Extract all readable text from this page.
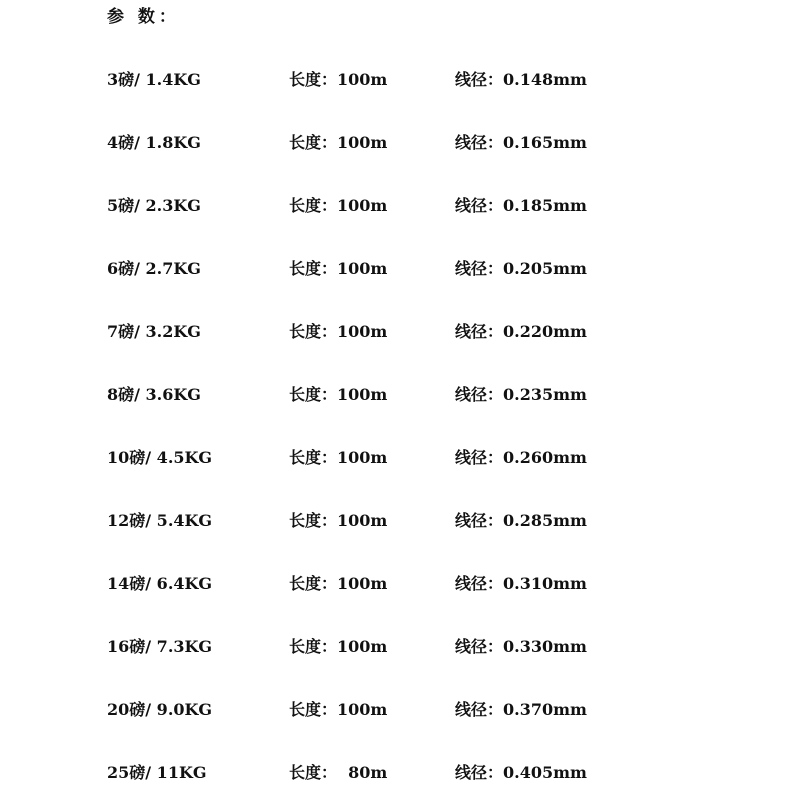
参 数：
3磅/ 1.4KG	长度：100m	线径：0.148mm
4磅/ 1.8KG	长度：100m	线径：0.165mm
5磅/ 2.3KG	长度：100m	线径：0.185mm
6磅/ 2.7KG	长度：100m	线径：0.205mm
7磅/ 3.2KG	长度：100m	线径：0.220mm
8磅/ 3.6KG	长度：100m	线径：0.235mm
10磅/ 4.5KG	长度：100m	线径：0.260mm
12磅/ 5.4KG	长度：100m	线径：0.285mm
14磅/ 6.4KG	长度：100m	线径：0.310mm
16磅/ 7.3KG	长度：100m	线径：0.330mm
20磅/ 9.0KG	长度：100m	线径：0.370mm
25磅/ 11KG	长度：  80m	线径：0.405mm
